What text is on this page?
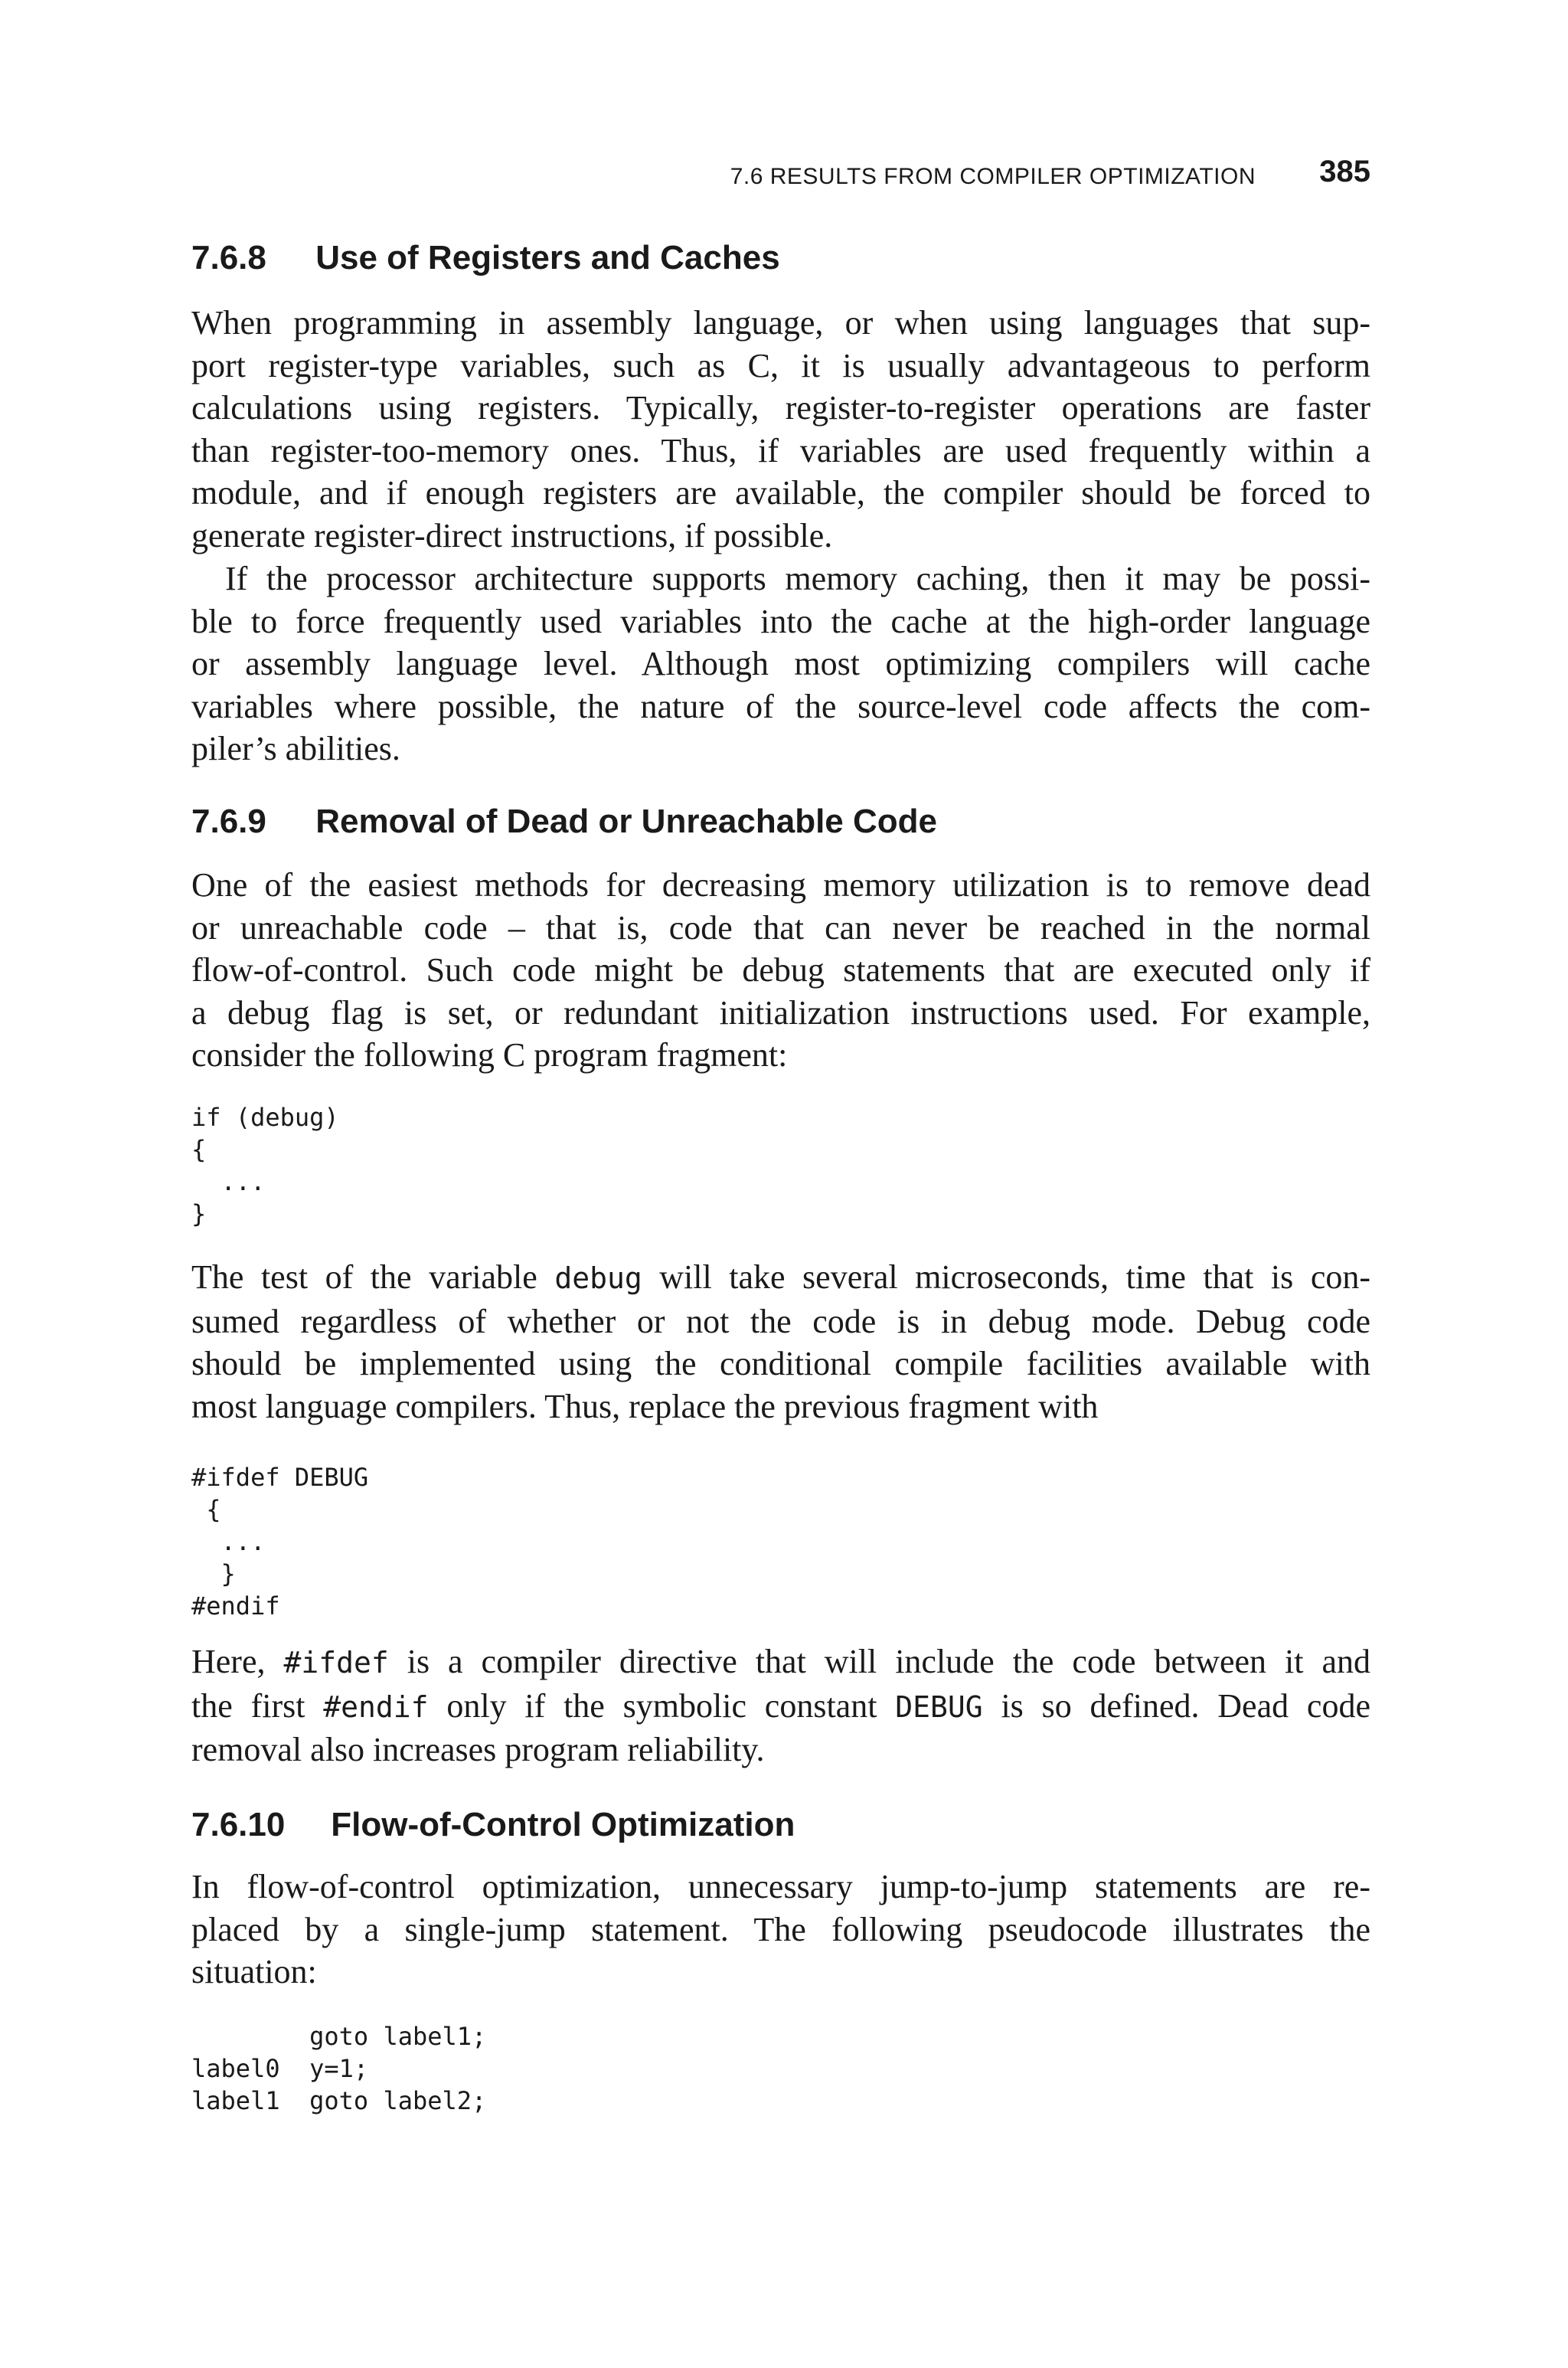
7.6 RESULTS FROM COMPILER OPTIMIZATION 385
7.6.8 Use of Registers and Caches
When programming in assembly language, or when using languages that sup-
port register-type variables, such as C, it is usually advantageous to perform
calculations using registers. Typically, register-to-register operations are faster
than register-too-memory ones. Thus, if variables are used frequently within a
module, and if enough registers are available, the compiler should be forced to
generate register-direct instructions, if possible.
If the processor architecture supports memory caching, then it may be possi-
ble to force frequently used variables into the cache at the high-order language
or assembly language level. Although most optimizing compilers will cache
variables where possible, the nature of the source-level code affects the com-
piler’s abilities.
7.6.9 Removal of Dead or Unreachable Code
One of the easiest methods for decreasing memory utilization is to remove dead
or unreachable code – that is, code that can never be reached in the normal
flow-of-control. Such code might be debug statements that are executed only if
a debug flag is set, or redundant initialization instructions used. For example,
consider the following C program fragment:
if (debug)
{
...
}
The test of the variable debug will take several microseconds, time that is con-
sumed regardless of whether or not the code is in debug mode. Debug code
should be implemented using the conditional compile facilities available with
most language compilers. Thus, replace the previous fragment with
#ifdef DEBUG
{
...
}
#endif
Here, #ifdef is a compiler directive that will include the code between it and
the first #endif only if the symbolic constant DEBUG is so defined. Dead code
removal also increases program reliability.
7.6.10 Flow-of-Control Optimization
In flow-of-control optimization, unnecessary jump-to-jump statements are re-
placed by a single-jump statement. The following pseudocode illustrates the
situation:
goto label1;
label0  y=1;
label1  goto label2;
